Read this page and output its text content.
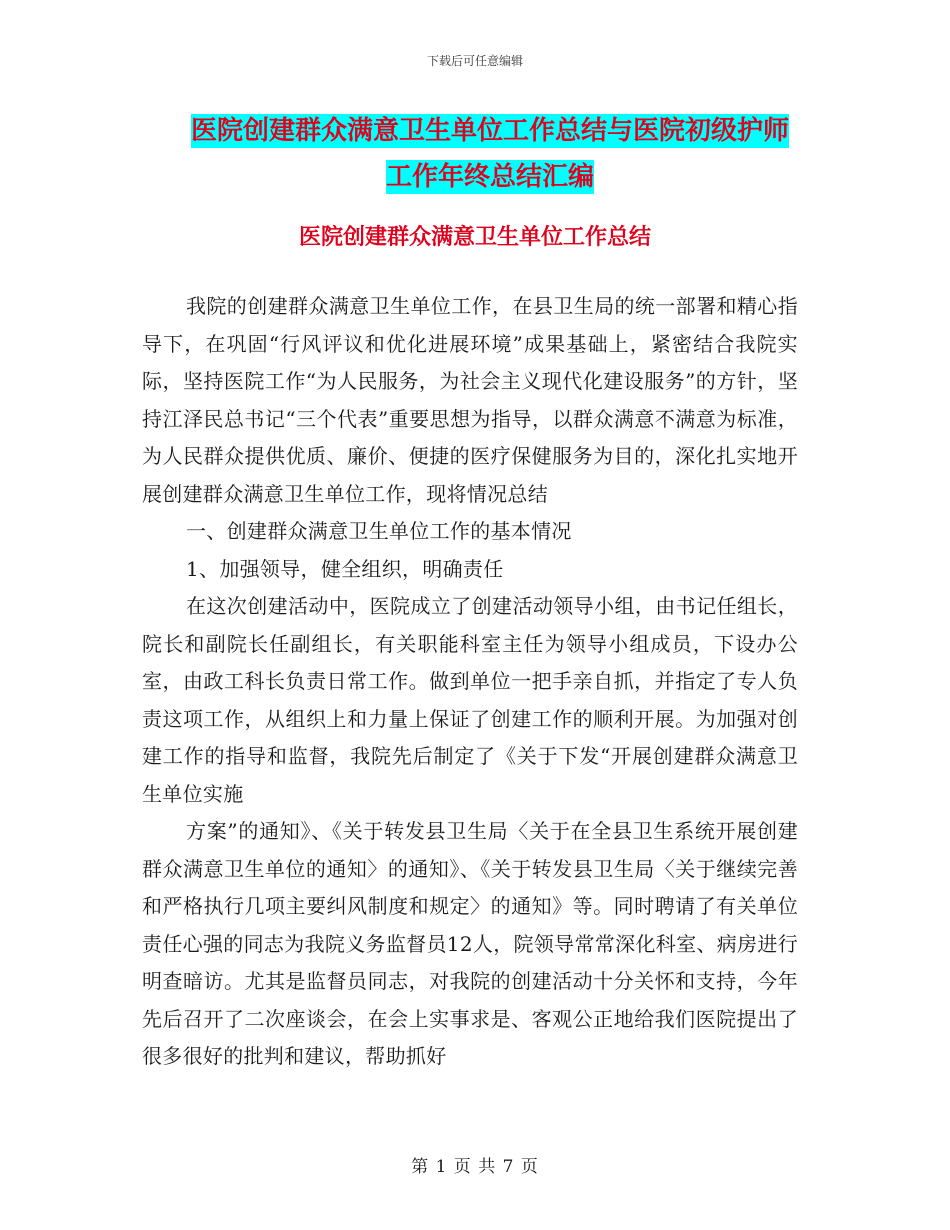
下载后可任意编辑
医院创建群众满意卫生单位工作总结与医院初级护师
工作年终总结汇编
医院创建群众满意卫生单位工作总结

我院的创建群众满意卫生单位工作，在县卫生局的统一部署和精心指导下，在巩固“行风评议和优化进展环境”成果基础上，紧密结合我院实际，坚持医院工作“为人民服务，为社会主义现代化建设服务”的方针，坚持江泽民总书记“三个代表”重要思想为指导，以群众满意不满意为标准，为人民群众提供优质、廉价、便捷的医疗保健服务为目的，深化扎实地开展创建群众满意卫生单位工作，现将情况总结

一、创建群众满意卫生单位工作的基本情况

1、加强领导，健全组织，明确责任

在这次创建活动中，医院成立了创建活动领导小组，由书记任组长，院长和副院长任副组长，有关职能科室主任为领导小组成员，下设办公室，由政工科长负责日常工作。做到单位一把手亲自抓，并指定了专人负责这项工作，从组织上和力量上保证了创建工作的顺利开展。为加强对创建工作的指导和监督，我院先后制定了《关于下发“开展创建群众满意卫生单位实施

方案”的通知》、《关于转发县卫生局〈关于在全县卫生系统开展创建群众满意卫生单位的通知〉的通知》、《关于转发县卫生局〈关于继续完善和严格执行几项主要纠风制度和规定〉的通知》等。同时聘请了有关单位责任心强的同志为我院义务监督员12人，院领导常常深化科室、病房进行明查暗访。尤其是监督员同志，对我院的创建活动十分关怀和支持，今年先后召开了二次座谈会，在会上实事求是、客观公正地给我们医院提出了很多很好的批判和建议，帮助抓好

第 1 页 共 7 页
